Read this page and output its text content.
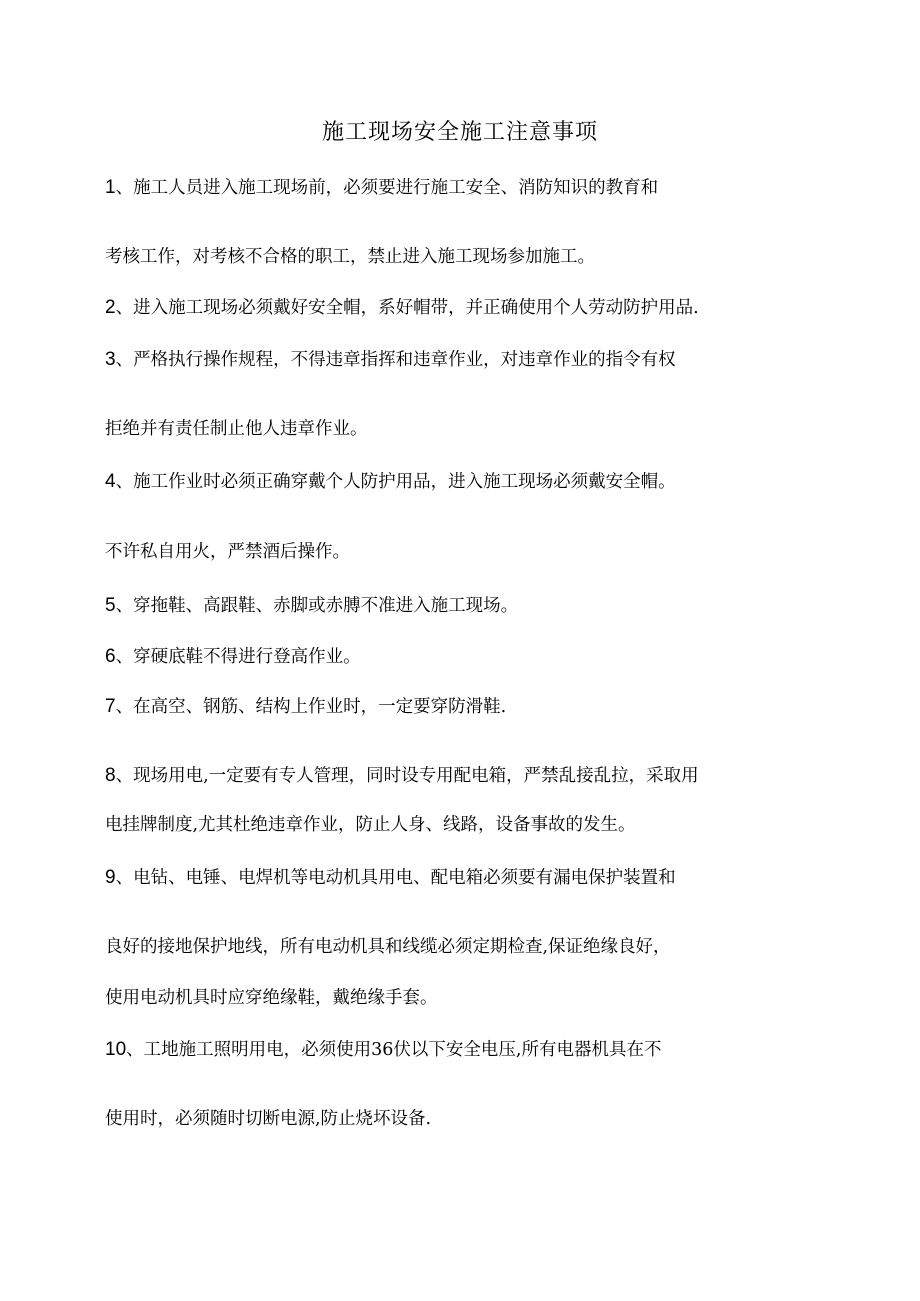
施工现场安全施工注意事项
1、施工人员进入施工现场前，必须要进行施工安全、消防知识的教育和
考核工作，对考核不合格的职工，禁止进入施工现场参加施工。
2、进入施工现场必须戴好安全帽，系好帽带，并正确使用个人劳动防护用品.
3、严格执行操作规程，不得违章指挥和违章作业，对违章作业的指令有权
拒绝并有责任制止他人违章作业。
4、施工作业时必须正确穿戴个人防护用品，进入施工现场必须戴安全帽。
不许私自用火，严禁酒后操作。
5、穿拖鞋、高跟鞋、赤脚或赤膊不准进入施工现场。
6、穿硬底鞋不得进行登高作业。
7、在高空、钢筋、结构上作业时，一定要穿防滑鞋.
8、现场用电,一定要有专人管理，同时设专用配电箱，严禁乱接乱拉，采取用
电挂牌制度,尤其杜绝违章作业，防止人身、线路，设备事故的发生。
9、电钻、电锤、电焊机等电动机具用电、配电箱必须要有漏电保护装置和
良好的接地保护地线，所有电动机具和线缆必须定期检查,保证绝缘良好，
使用电动机具时应穿绝缘鞋，戴绝缘手套。
10、工地施工照明用电，必须使用36伏以下安全电压,所有电器机具在不
使用时，必须随时切断电源,防止烧坏设备.
